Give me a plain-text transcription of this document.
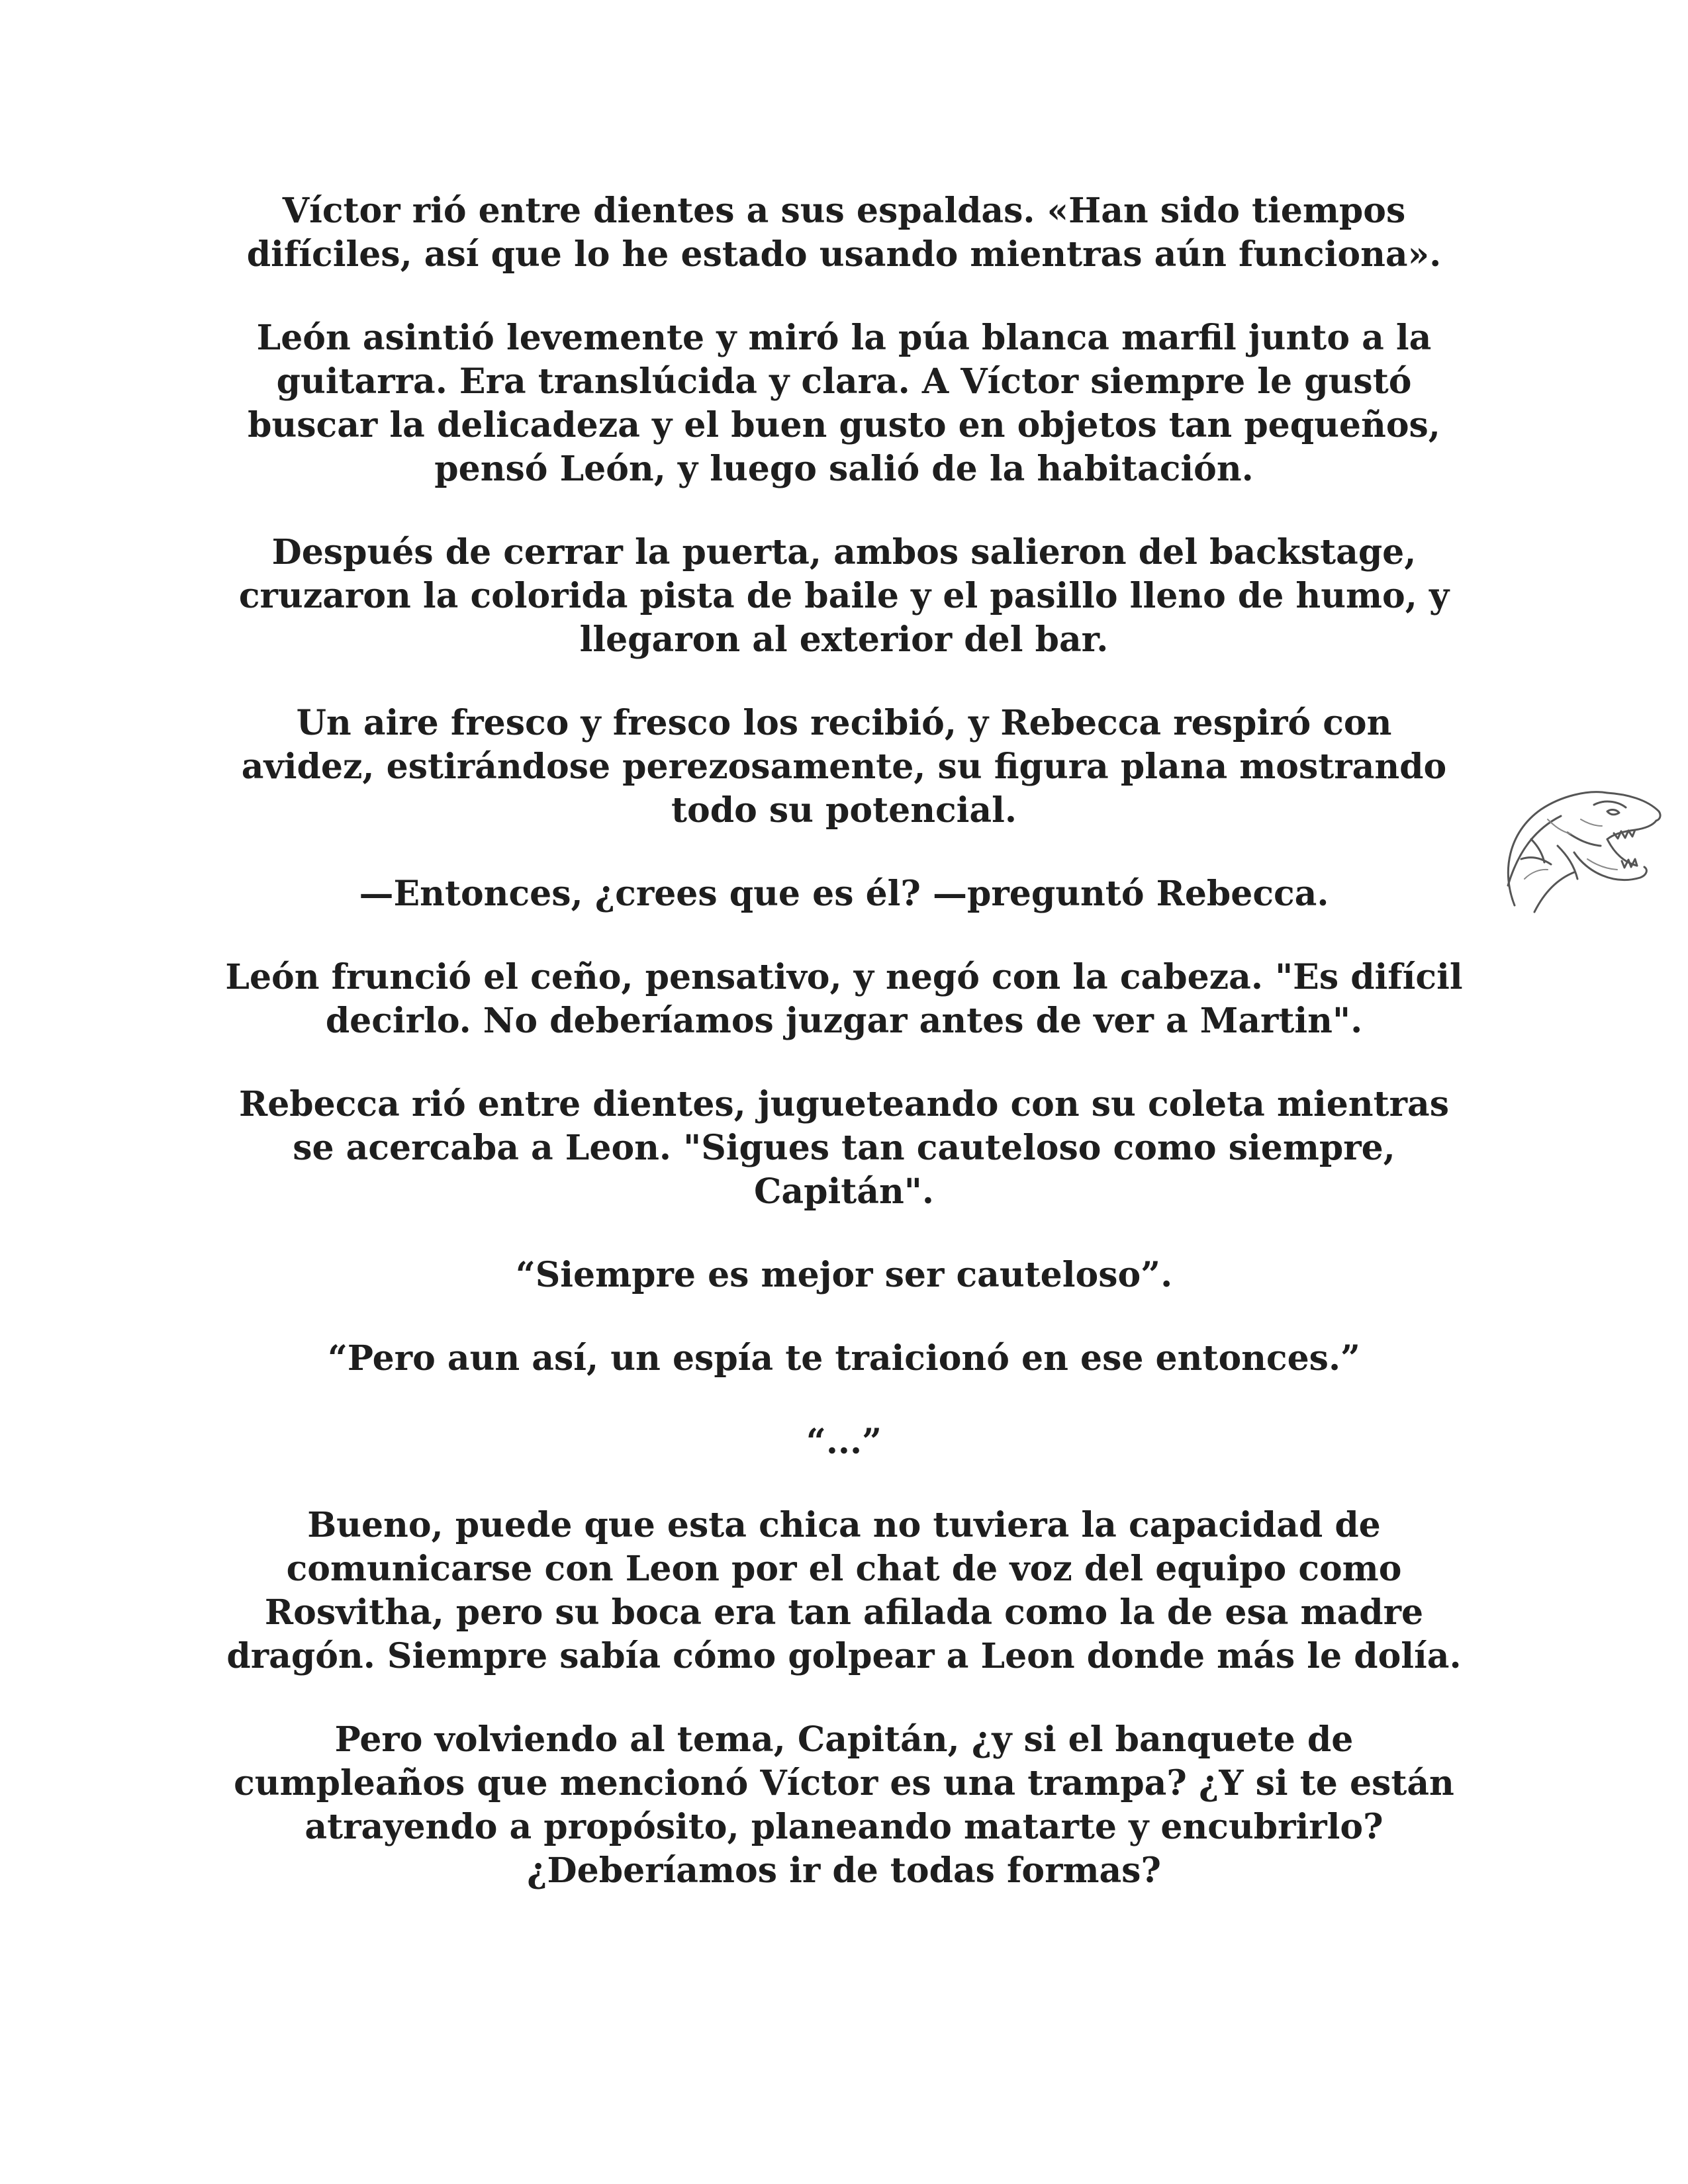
Víctor rió entre dientes a sus espaldas. «Han sido tiempos difíciles, así que lo he estado usando mientras aún funciona».

León asintió levemente y miró la púa blanca marfil junto a la guitarra. Era translúcida y clara. A Víctor siempre le gustó buscar la delicadeza y el buen gusto en objetos tan pequeños, pensó León, y luego salió de la habitación.

Después de cerrar la puerta, ambos salieron del backstage, cruzaron la colorida pista de baile y el pasillo lleno de humo, y llegaron al exterior del bar.

Un aire fresco y fresco los recibió, y Rebecca respiró con avidez, estirándose perezosamente, su figura plana mostrando todo su potencial.

—Entonces, ¿crees que es él? —preguntó Rebecca.

León frunció el ceño, pensativo, y negó con la cabeza. "Es difícil decirlo. No deberíamos juzgar antes de ver a Martin".

Rebecca rió entre dientes, jugueteando con su coleta mientras se acercaba a Leon. "Sigues tan cauteloso como siempre, Capitán".

“Siempre es mejor ser cauteloso”.

“Pero aun así, un espía te traicionó en ese entonces.”

“...”

Bueno, puede que esta chica no tuviera la capacidad de comunicarse con Leon por el chat de voz del equipo como Rosvitha, pero su boca era tan afilada como la de esa madre dragón. Siempre sabía cómo golpear a Leon donde más le dolía.

Pero volviendo al tema, Capitán, ¿y si el banquete de cumpleaños que mencionó Víctor es una trampa? ¿Y si te están atrayendo a propósito, planeando matarte y encubrirlo? ¿Deberíamos ir de todas formas?
